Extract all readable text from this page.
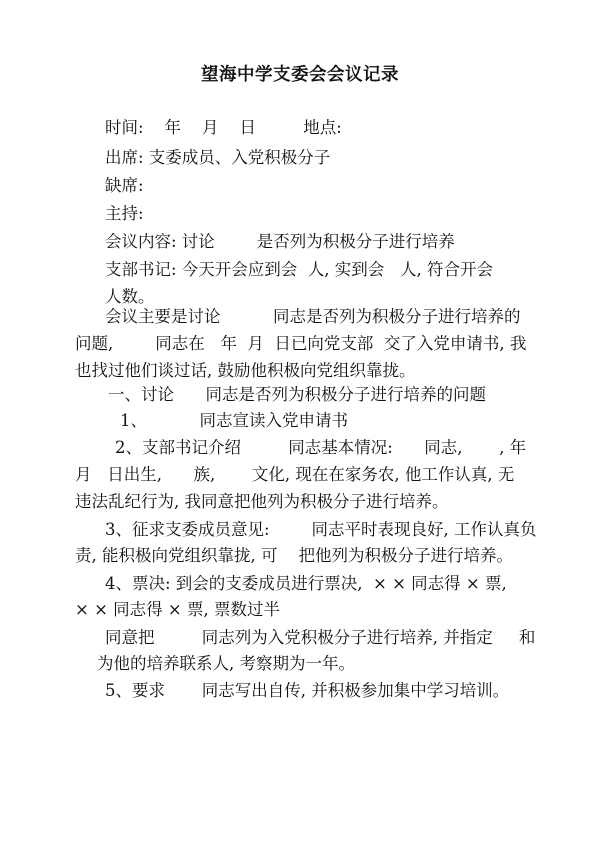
望海中学支委会会议记录
时间:    年    月    日         地点:
出席: 支委成员、入党积极分子
缺席:
主持:
会议内容: 讨论        是否列为积极分子进行培养
支部书记: 今天开会应到会  人, 实到会   人, 符合开会
人数。
会议主要是讨论          同志是否列为积极分子进行培养的
问题,        同志在   年  月  日已向党支部  交了入党申请书, 我
也找过他们谈过话, 鼓励他积极向党组织靠拢。
一、讨论      同志是否列为积极分子进行培养的问题
1、          同志宣读入党申请书
2、支部书记介绍         同志基本情况:      同志,       , 年
月   日出生,      族,       文化, 现在在家务农, 他工作认真, 无
违法乱纪行为, 我同意把他列为积极分子进行培养。
3、征求支委成员意见:        同志平时表现良好, 工作认真负
责, 能积极向党组织靠拢, 可    把他列为积极分子进行培养。
4、票决: 到会的支委成员进行票决,  × × 同志得 × 票,
× × 同志得 × 票, 票数过半
同意把         同志列为入党积极分子进行培养, 并指定     和
为他的培养联系人, 考察期为一年。
5、要求       同志写出自传, 并积极参加集中学习培训。
